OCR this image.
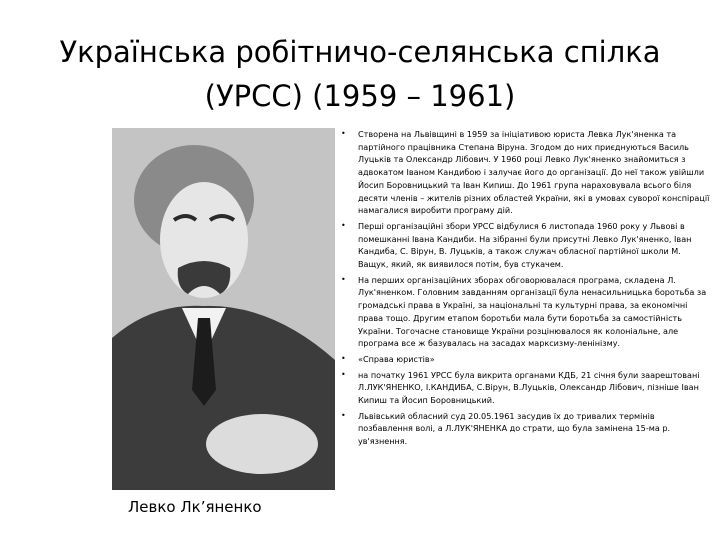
Українська робітничо-селянська спілка (УРСС) (1959 – 1961)
Левко Лк’яненко
• Створена на Львівщині в 1959 за ініціативою юриста Левка Лук'яненка та партійного працівника Степана Віруна. Згодом до них приєднуються Василь Луцьків та Олександр Лібович. У 1960 році Левко Лук'яненко знайомиться з адвокатом Іваном Кандибою і залучає його до організації. До неї також увійшли Йосип Боровницький та Іван Кипиш. До 1961 група нараховувала всього біля десяти членів – жителів різних областей України, які в умовах суворої конспірації намагалися виробити програму дій.
• Перші організаційні збори УРСС відбулися 6 листопада 1960 року у Львові в помешканні Івана Кандиби. На зібранні були присутні Левко Лук'яненко, Іван Кандиба, С. Вірун, В. Луцьків, а також служач обласної партійної школи М. Ващук, який, як виявилося потім, був стукачем.
• На перших організаційних зборах обговорювалася програма, складена Л. Лук'яненком. Головним завданням організації була ненасильницька боротьба за громадські права в Україні, за національні та культурні права, за економічні права тощо. Другим етапом боротьби мала бути боротьба за самостійність України. Тогочасне становище України розцінювалося як колоніальне, але програма все ж базувалась на засадах марксизму-ленінізму.
• «Справа юристів»
• на початку 1961 УРСС була викрита органами КДБ, 21 січня були заарештовані Л.ЛУК'ЯНЕНКО, І.КАНДИБА, С.Вірун, В.Луцьків, Олександр Лібович, пізніше Іван Кипиш та Йосип Боровницький.
• Львівський обласний суд 20.05.1961 засудив їх до тривалих термінів позбавлення волі, а Л.ЛУК'ЯНЕНКА до страти, що була замінена 15-ма р. ув'язнення.
